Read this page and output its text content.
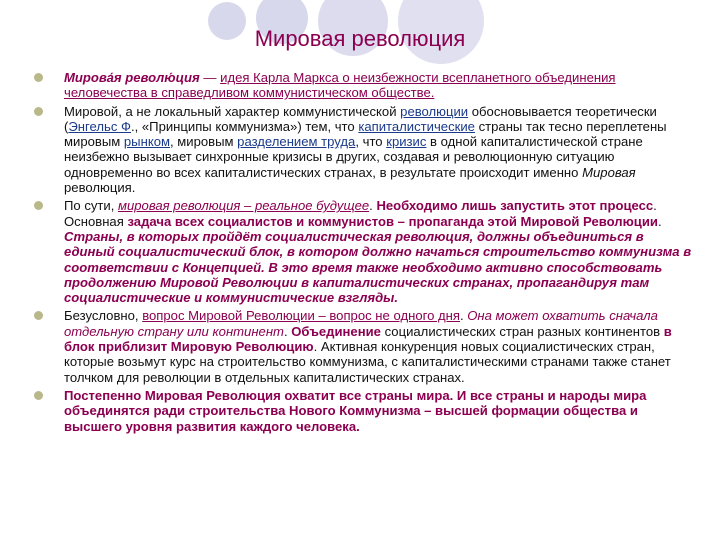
Мировая революция
Мирова́я револю́ция — идея Карла Маркса о неизбежности всепланетного объединения человечества в справедливом коммунистическом обществе.
Мировой, а не локальный характер коммунистической революции обосновывается теоретически (Энгельс Ф., «Принципы коммунизма») тем, что капиталистические страны так тесно переплетены мировым рынком, мировым разделением труда, что кризис в одной капиталистической стране неизбежно вызывает синхронные кризисы в других, создавая и революционную ситуацию одновременно во всех капиталистических странах, в результате происходит именно Мировая революция.
По сути, мировая революция – реальное будущее. Необходимо лишь запустить этот процесс. Основная задача всех социалистов и коммунистов – пропаганда этой Мировой Революции. Страны, в которых пройдёт социалистическая революция, должны объединиться в единый социалистический блок, в котором должно начаться строительство коммунизма в соответствии с Концепцией. В это время также необходимо активно способствовать продолжению Мировой Революции в капиталистических странах, пропагандируя там социалистические и коммунистические взгляды.
Безусловно, вопрос Мировой Революции – вопрос не одного дня. Она может охватить сначала отдельную страну или континент. Объединение социалистических стран разных континентов в блок приблизит Мировую Революцию. Активная конкуренция новых социалистических стран, которые возьмут курс на строительство коммунизма, с капиталистическими странами также станет толчком для революции в отдельных капиталистических странах.
Постепенно Мировая Революция охватит все страны мира. И все страны и народы мира объединятся ради строительства Нового Коммунизма – высшей формации общества и высшего уровня развития каждого человека.
